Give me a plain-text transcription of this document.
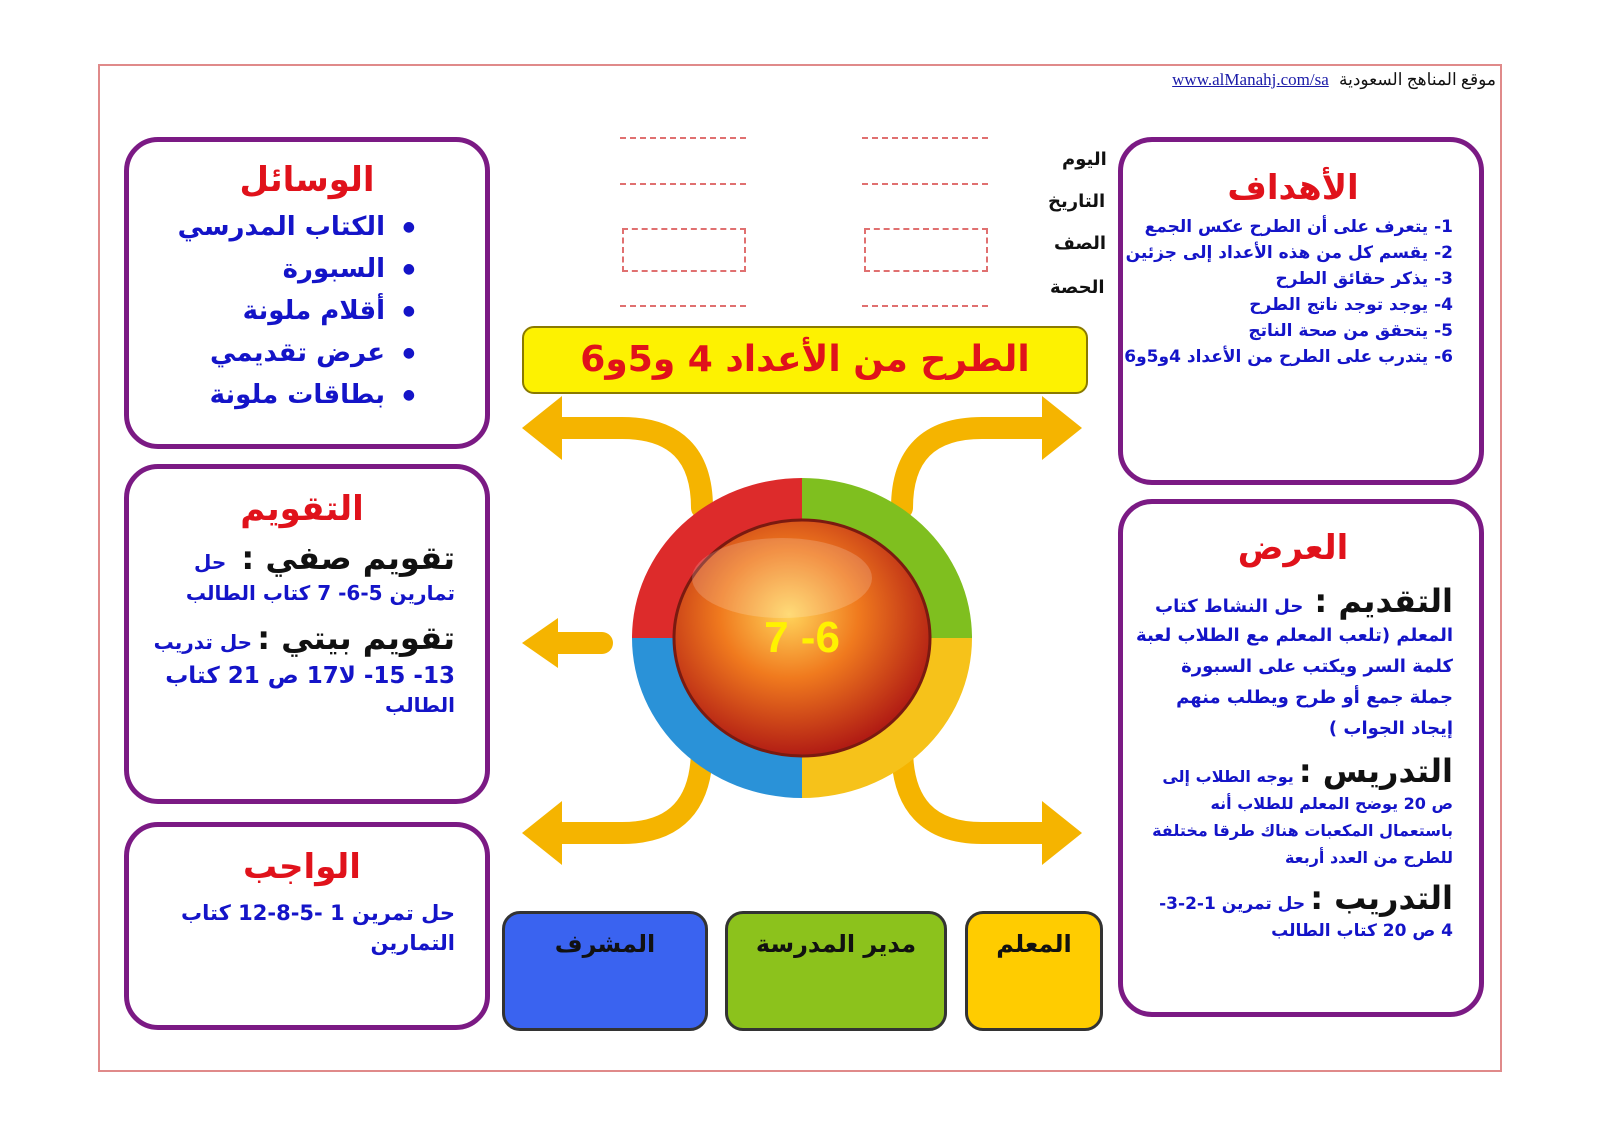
موقع المناهج السعودية www.alManahj.com/sa
الوسائل
● الكتاب المدرسي
● السبورة
● أقلام ملونة
● عرض تقديمي
● بطاقات ملونة
التقويم
تقويم صفي : حل
تمارين 5-6- 7 كتاب الطالب
تقويم بيتي : حل تدريب
13- 15- لا17 ص 21 كتاب
الطالب
الواجب
حل تمرين 1 -5-8-12 كتاب
التمارين
الأهداف
1- يتعرف على أن الطرح عكس الجمع
2- يقسم كل من هذه الأعداد إلى جزئين
3- يذكر حقائق الطرح
4- يوجد توجد ناتج الطرح
5- يتحقق من صحة الناتج
6- يتدرب على الطرح من الأعداد 4و5و6
العرض
التقديم : حل النشاط كتاب
المعلم (تلعب المعلم مع الطلاب لعبة
كلمة السر ويكتب على السبورة
جملة جمع أو طرح ويطلب منهم
إيجاد الجواب )
التدريس : يوجه الطلاب إلى
ص 20 يوضح المعلم للطلاب أنه
باستعمال المكعبات هناك طرقا مختلفة
للطرح من العدد أربعة
التدريب : حل تمرين 1-2-3-
4 ص 20 كتاب الطالب
اليوم
التاريخ
الصف
الحصة
الطرح من الأعداد 4 و5و6
7 -6
المشرف	مدير المدرسة	المعلم
